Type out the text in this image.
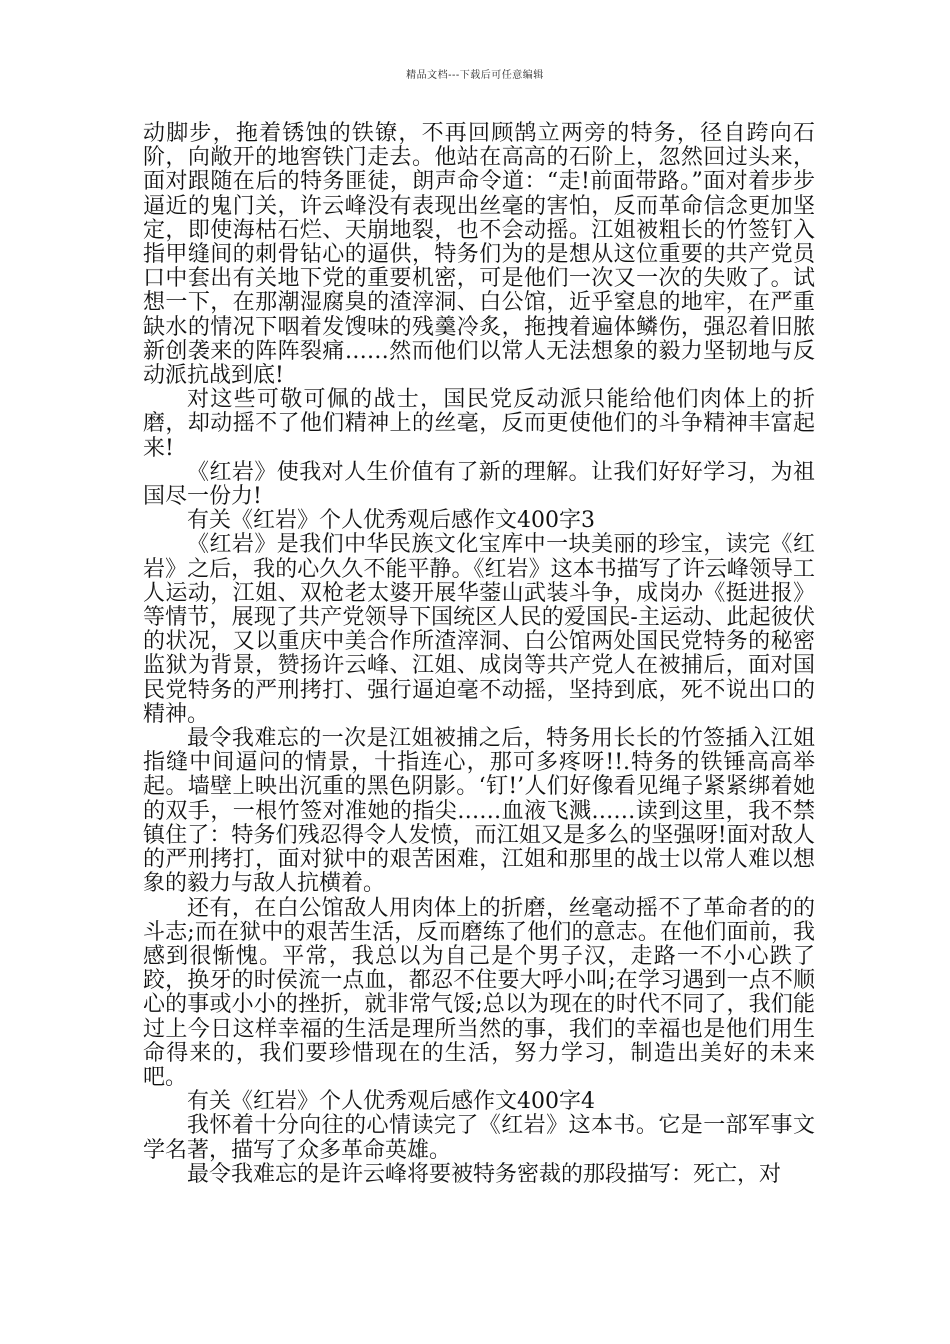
精品文档---下载后可任意编辑

动脚步，拖着锈蚀的铁镣，不再回顾鹄立两旁的特务，径自跨向石阶，向敞开的地窖铁门走去。他站在高高的石阶上，忽然回过头来，面对跟随在后的特务匪徒，朗声命令道：“走!前面带路。”面对着步步逼近的鬼门关，许云峰没有表现出丝毫的害怕，反而革命信念更加坚定，即使海枯石烂、天崩地裂，也不会动摇。江姐被粗长的竹签钉入指甲缝间的刺骨钻心的逼供，特务们为的是想从这位重要的共产党员口中套出有关地下党的重要机密，可是他们一次又一次的失败了。试想一下，在那潮湿腐臭的渣滓洞、白公馆，近乎窒息的地牢，在严重缺水的情况下咽着发馊味的残羹冷炙，拖拽着遍体鳞伤，强忍着旧脓新创袭来的阵阵裂痛……然而他们以常人无法想象的毅力坚韧地与反动派抗战到底!

对这些可敬可佩的战士，国民党反动派只能给他们肉体上的折磨，却动摇不了他们精神上的丝毫，反而更使他们的斗争精神丰富起来!

《红岩》使我对人生价值有了新的理解。让我们好好学习，为祖国尽一份力!

有关《红岩》个人优秀观后感作文400字3

《红岩》是我们中华民族文化宝库中一块美丽的珍宝，读完《红岩》之后，我的心久久不能平静。《红岩》这本书描写了许云峰领导工人运动，江姐、双枪老太婆开展华蓥山武装斗争，成岗办《挺进报》等情节，展现了共产党领导下国统区人民的爱国民-主运动、此起彼伏的状况，又以重庆中美合作所渣滓洞、白公馆两处国民党特务的秘密监狱为背景，赞扬许云峰、江姐、成岗等共产党人在被捕后，面对国民党特务的严刑拷打、强行逼迫毫不动摇，坚持到底，死不说出口的精神。

最令我难忘的一次是江姐被捕之后，特务用长长的竹签插入江姐指缝中间逼问的情景，十指连心，那可多疼呀!!.特务的铁锤高高举起。墙壁上映出沉重的黑色阴影。‘钉!’人们好像看见绳子紧紧绑着她的双手，一根竹签对准她的指尖……血液飞溅……读到这里，我不禁镇住了：特务们残忍得令人发愤，而江姐又是多么的坚强呀!面对敌人的严刑拷打，面对狱中的艰苦困难，江姐和那里的战士以常人难以想象的毅力与敌人抗横着。

还有，在白公馆敌人用肉体上的折磨，丝毫动摇不了革命者的的斗志;而在狱中的艰苦生活，反而磨练了他们的意志。在他们面前，我感到很惭愧。平常，我总以为自己是个男子汉，走路一不小心跌了跤，换牙的时侯流一点血，都忍不住要大呼小叫;在学习遇到一点不顺心的事或小小的挫折，就非常气馁;总以为现在的时代不同了，我们能过上今日这样幸福的生活是理所当然的事，我们的幸福也是他们用生命得来的，我们要珍惜现在的生活，努力学习，制造出美好的未来吧。

有关《红岩》个人优秀观后感作文400字4

我怀着十分向往的心情读完了《红岩》这本书。它是一部军事文学名著，描写了众多革命英雄。

最令我难忘的是许云峰将要被特务密裁的那段描写：死亡，对
